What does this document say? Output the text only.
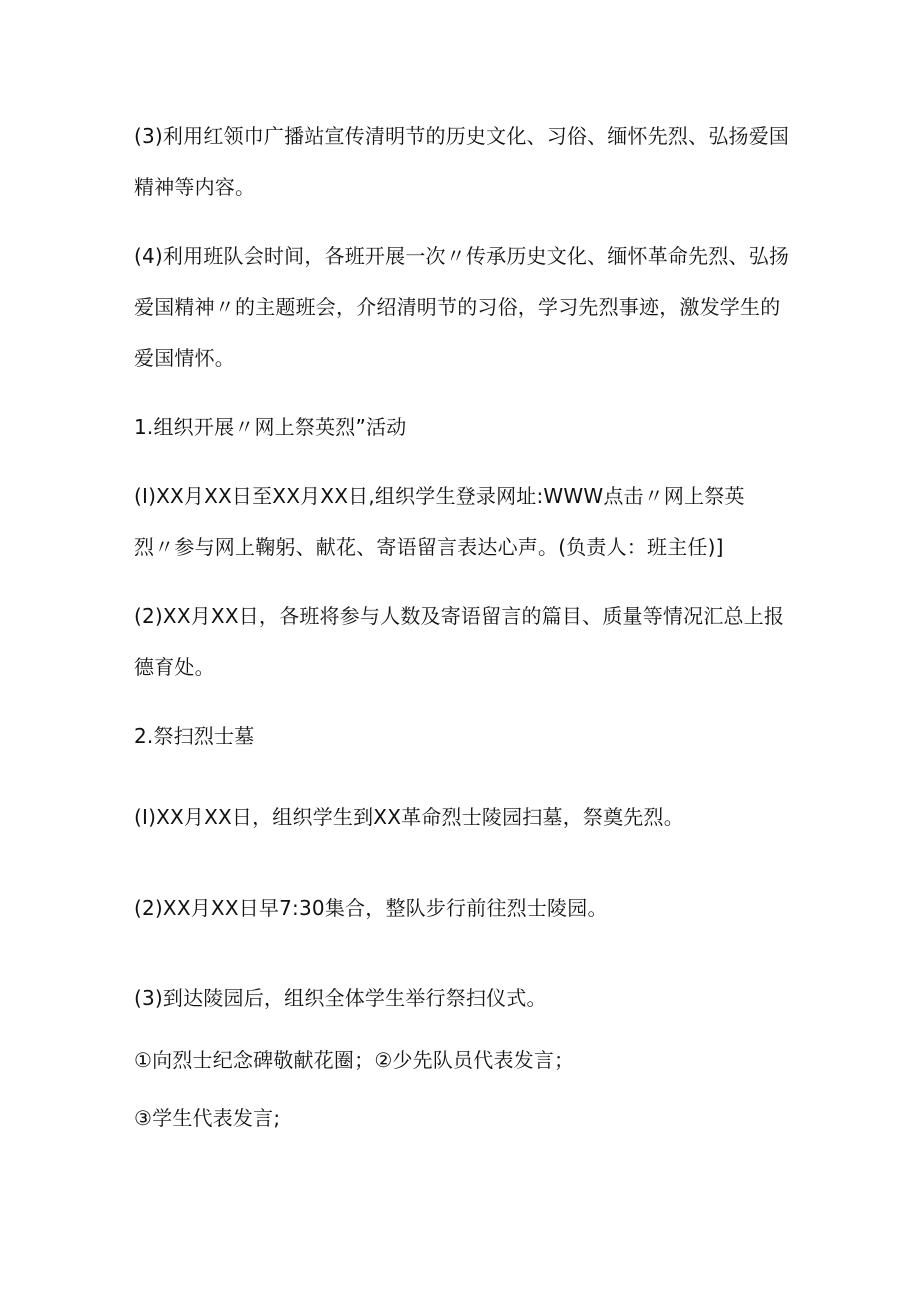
(3)利用红领巾广播站宣传清明节的历史文化、习俗、缅怀先烈、弘扬爱国
精神等内容。

(4)利用班队会时间，各班开展一次〃传承历史文化、缅怀革命先烈、弘扬
爱国精神〃的主题班会，介绍清明节的习俗，学习先烈事迹，激发学生的
爱国情怀。

1.组织开展〃网上祭英烈”活动

(I)XX月XX日至XX月XX日,组织学生登录网址:WWW点击〃网上祭英
烈〃参与网上鞠躬、献花、寄语留言表达心声。(负责人：班主任)]

(2)XX月XX日，各班将参与人数及寄语留言的篇目、质量等情况汇总上报
德育处。

2.祭扫烈士墓

(I)XX月XX日，组织学生到XX革命烈士陵园扫墓，祭奠先烈。

(2)XX月XX日早7:30集合，整队步行前往烈士陵园。

(3)到达陵园后，组织全体学生举行祭扫仪式。

①向烈士纪念碑敬献花圈；②少先队员代表发言；

③学生代表发言;
